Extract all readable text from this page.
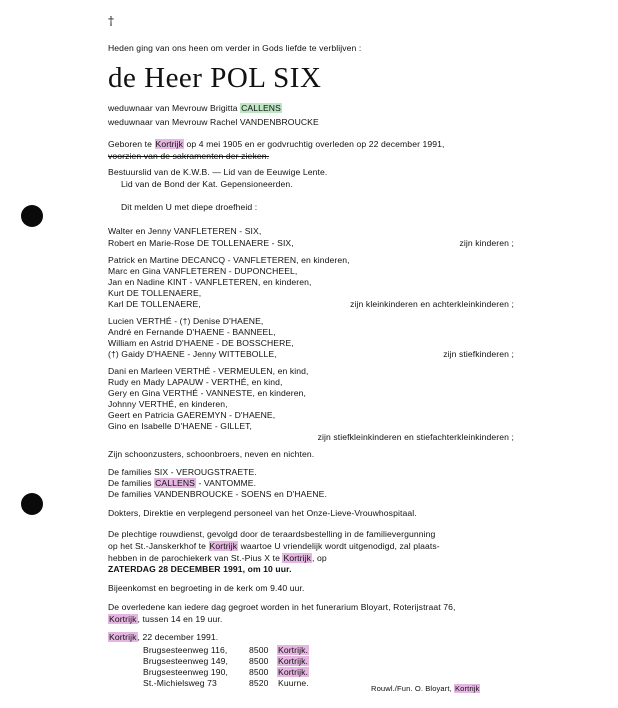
†
Heden ging van ons heen om verder in Gods liefde te verblijven :
de Heer POL SIX
weduwnaar van Mevrouw Brigitta CALLENS
weduwnaar van Mevrouw Rachel VANDENBROUCKE
Geboren te Kortrijk op 4 mei 1905 en er godvruchtig overleden op 22 december 1991,
voorzien van de sakramenten der zieken.
Bestuurslid van de K.W.B. — Lid van de Eeuwige Lente.
Lid van de Bond der Kat. Gepensioneerden.
Dit melden U met diepe droefheid :
Walter en Jenny VANFLETEREN - SIX,
Robert en Marie-Rose DE TOLLENAERE - SIX,	zijn kinderen ;
Patrick en Martine DECANCQ - VANFLETEREN, en kinderen,
Marc en Gina VANFLETEREN - DUPONCHEEL,
Jan en Nadine KINT - VANFLETEREN, en kinderen,
Kurt DE TOLLENAERE,
Karl DE TOLLENAERE,	zijn kleinkinderen en achterkleinkinderen ;
Lucien VERTHÉ - (†) Denise D'HAENE,
André en Fernande D'HAENE - BANNEEL,
William en Astrid D'HAENE - DE BOSSCHERE,
(†) Gaidy D'HAENE - Jenny WITTEBOLLE,	zijn stiefkinderen ;
Dani en Marleen VERTHÉ - VERMEULEN, en kind,
Rudy en Mady LAPAUW - VERTHÉ, en kind,
Gery en Gina VERTHÉ - VANNESTE, en kinderen,
Johnny VERTHÉ, en kinderen,
Geert en Patricia GAEREMYN - D'HAENE,
Gino en Isabelle D'HAENE - GILLET,
zijn stiefkleinkinderen en stiefachterkleinkinderen ;
Zijn schoonzusters, schoonbroers, neven en nichten.
De families SIX - VEROUGSTRAETE.
De families CALLENS - VANTOMME.
De families VANDENBROUCKE - SOENS en D'HAENE.
Dokters, Direktie en verplegend personeel van het Onze-Lieve-Vrouwhospitaal.
De plechtige rouwdienst, gevolgd door de teraardsbestelling in de familievergunning
op het St.-Janskerkhof te Kortrijk waartoe U vriendelijk wordt uitgenodigd, zal plaats-
hebben in de parochiekerk van St.-Pius X te Kortrijk, op
ZATERDAG 28 DECEMBER 1991, om 10 uur.
Bijeenkomst en begroeting in de kerk om 9.40 uur.
De overledene kan iedere dag gegroet worden in het funerarium Bloyart, Roterijstraat 76,
Kortrijk, tussen 14 en 19 uur.
Kortrijk, 22 december 1991.
Brugsesteenweg 116,	8500 Kortrijk.
Brugsesteenweg 149, 8500 Kortrijk.
Brugsesteenweg 190, 8500 Kortrijk.
St.-Michielsweg 73	8520 Kuurne.
Rouwl./Fun. O. Bloyart, Kortrijk
